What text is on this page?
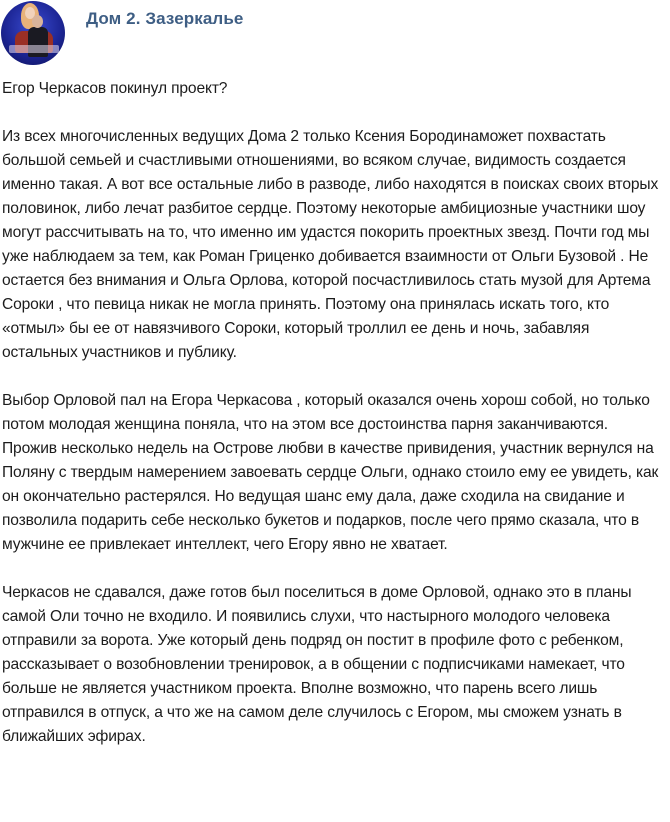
Дом 2. Зазеркалье

Егор Черкасов покинул проект?

Из всех многочисленных ведущих Дома 2 только Ксения Бородинаможет похвастать большой семьей и счастливыми отношениями, во всяком случае, видимость создается именно такая. А вот все остальные либо в разводе, либо находятся в поисках своих вторых половинок, либо лечат разбитое сердце. Поэтому некоторые амбициозные участники шоу могут рассчитывать на то, что именно им удастся покорить проектных звезд. Почти год мы уже наблюдаем за тем, как Роман Гриценко добивается взаимности от Ольги Бузовой . Не остается без внимания и Ольга Орлова, которой посчастливилось стать музой для Артема Сороки , что певица никак не могла принять. Поэтому она принялась искать того, кто «отмыл» бы ее от навязчивого Сороки, который троллил ее день и ночь, забавляя остальных участников и публику.

Выбор Орловой пал на Егора Черкасова , который оказался очень хорош собой, но только потом молодая женщина поняла, что на этом все достоинства парня заканчиваются. Прожив несколько недель на Острове любви в качестве привидения, участник вернулся на Поляну с твердым намерением завоевать сердце Ольги, однако стоило ему ее увидеть, как он окончательно растерялся. Но ведущая шанс ему дала, даже сходила на свидание и позволила подарить себе несколько букетов и подарков, после чего прямо сказала, что в мужчине ее привлекает интеллект, чего Егору явно не хватает.

Черкасов не сдавался, даже готов был поселиться в доме Орловой, однако это в планы самой Оли точно не входило. И появились слухи, что настырного молодого человека отправили за ворота. Уже который день подряд он постит в профиле фото с ребенком, рассказывает о возобновлении тренировок, а в общении с подписчиками намекает, что больше не является участником проекта. Вполне возможно, что парень всего лишь отправился в отпуск, а что же на самом деле случилось с Егором, мы сможем узнать в ближайших эфирах.
